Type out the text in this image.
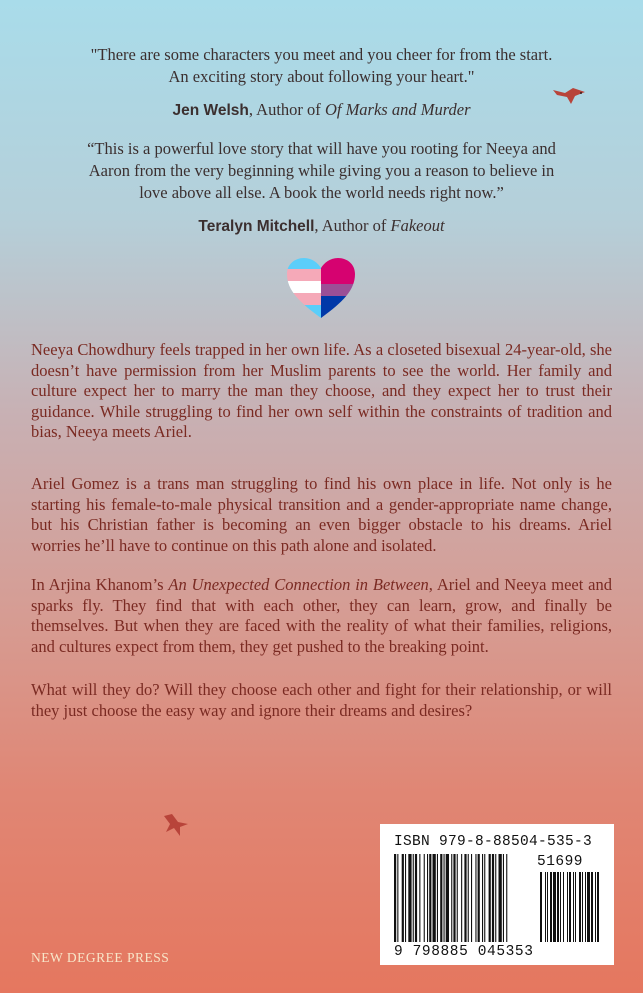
"There are some characters you meet and you cheer for from the start.
An exciting story about following your heart."
Jen Welsh, Author of Of Marks and Murder
“This is a powerful love story that will have you rooting for Neeya and
Aaron from the very beginning while giving you a reason to believe in
love above all else. A book the world needs right now.”
Teralyn Mitchell, Author of Fakeout
Neeya Chowdhury feels trapped in her own life. As a closeted bisexual 24-year-old, she doesn’t have permission from her Muslim parents to see the world. Her family and culture expect her to marry the man they choose, and they expect her to trust their guidance. While struggling to find her own self within the constraints of tradition and bias, Neeya meets Ariel.
Ariel Gomez is a trans man struggling to find his own place in life. Not only is he starting his female-to-male physical transition and a gender-appropriate name change, but his Christian father is becoming an even bigger obstacle to his dreams. Ariel worries he’ll have to continue on this path alone and isolated.
In Arjina Khanom’s An Unexpected Connection in Between, Ariel and Neeya meet and sparks fly. They find that with each other, they can learn, grow, and finally be themselves. But when they are faced with the reality of what their families, religions, and cultures expect from them, they get pushed to the breaking point.
What will they do? Will they choose each other and fight for their relationship, or will they just choose the easy way and ignore their dreams and desires?
NEW DEGREE PRESS
ISBN 979-8-88504-535-3
51699
9 798885 045353
